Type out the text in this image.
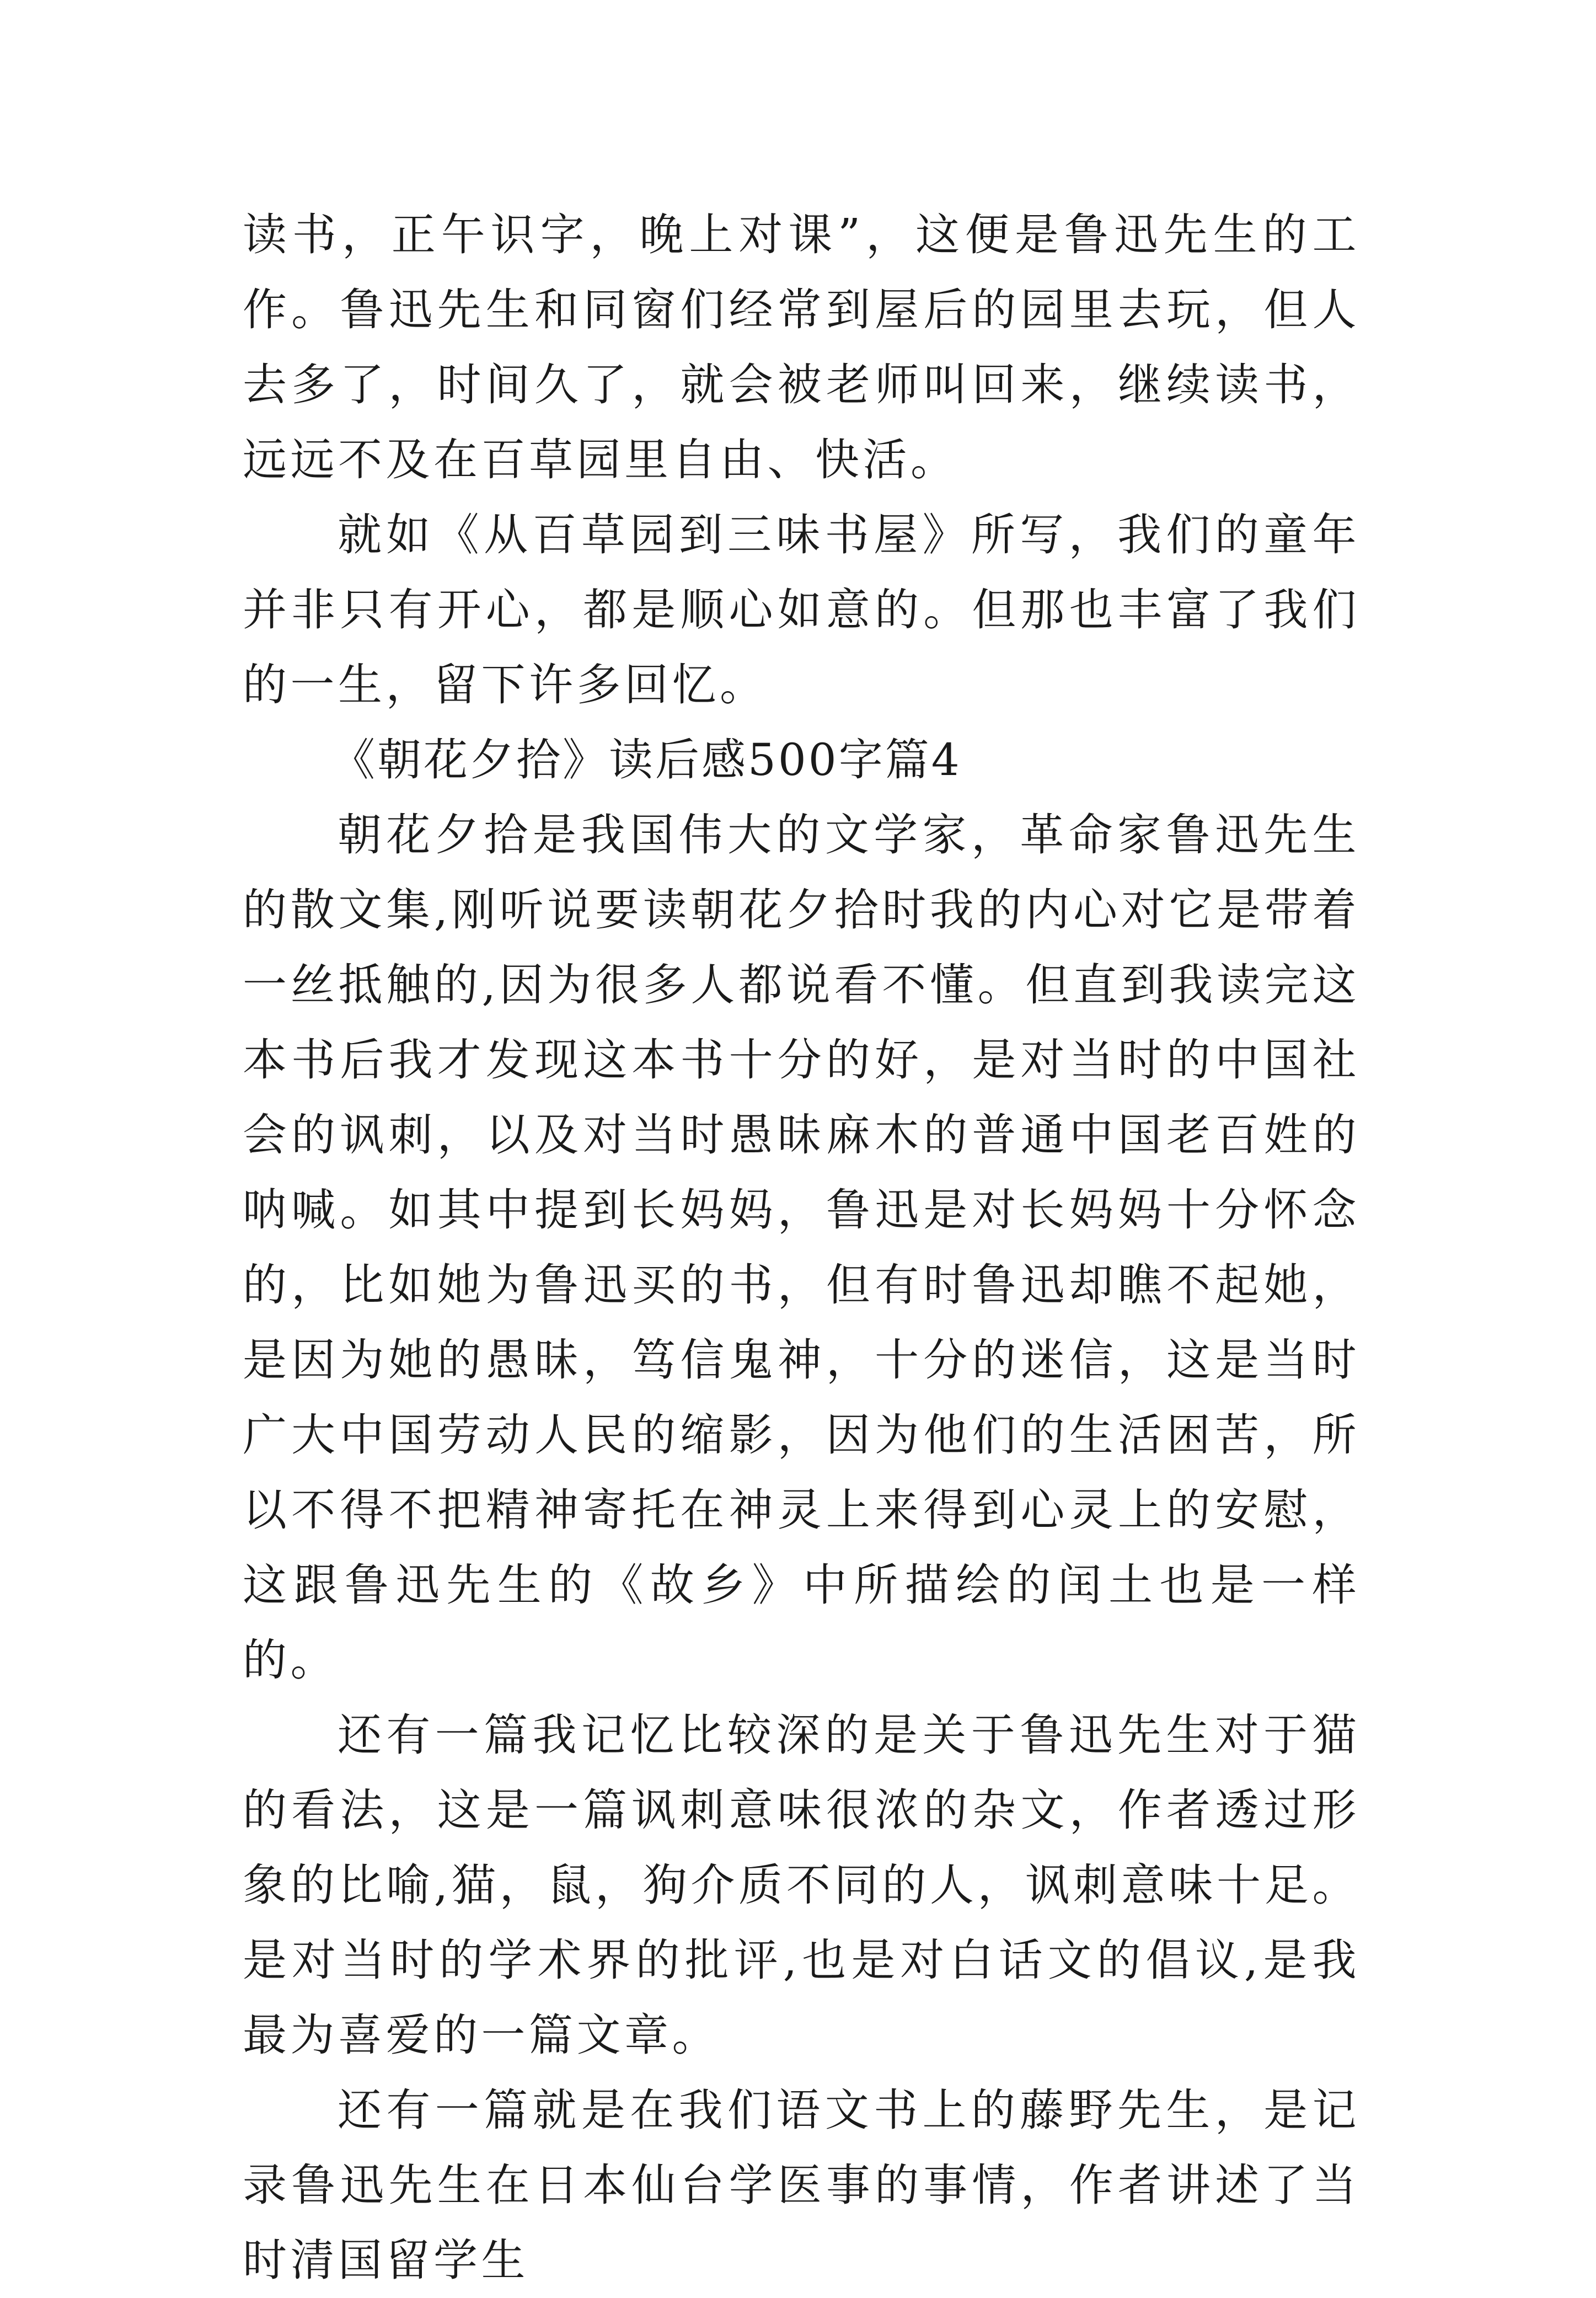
读书，正午识字，晚上对课”，这便是鲁迅先生的工作。鲁迅先生和同窗们经常到屋后的园里去玩，但人去多了，时间久了，就会被老师叫回来，继续读书，远远不及在百草园里自由、快活。

就如《从百草园到三味书屋》所写，我们的童年并非只有开心，都是顺心如意的。但那也丰富了我们的一生，留下许多回忆。

《朝花夕拾》读后感500字篇4

朝花夕拾是我国伟大的文学家，革命家鲁迅先生的散文集,刚听说要读朝花夕拾时我的内心对它是带着一丝抵触的,因为很多人都说看不懂。但直到我读完这本书后我才发现这本书十分的好，是对当时的中国社会的讽刺，以及对当时愚昧麻木的普通中国老百姓的呐喊。如其中提到长妈妈，鲁迅是对长妈妈十分怀念的，比如她为鲁迅买的书，但有时鲁迅却瞧不起她，是因为她的愚昧，笃信鬼神，十分的迷信，这是当时广大中国劳动人民的缩影，因为他们的生活困苦，所以不得不把精神寄托在神灵上来得到心灵上的安慰，这跟鲁迅先生的《故乡》中所描绘的闰土也是一样的。

还有一篇我记忆比较深的是关于鲁迅先生对于猫的看法，这是一篇讽刺意味很浓的杂文，作者透过形象的比喻,猫，鼠，狗介质不同的人，讽刺意味十足。是对当时的学术界的批评,也是对白话文的倡议,是我最为喜爱的一篇文章。

还有一篇就是在我们语文书上的藤野先生，是记录鲁迅先生在日本仙台学医事的事情，作者讲述了当时清国留学生
